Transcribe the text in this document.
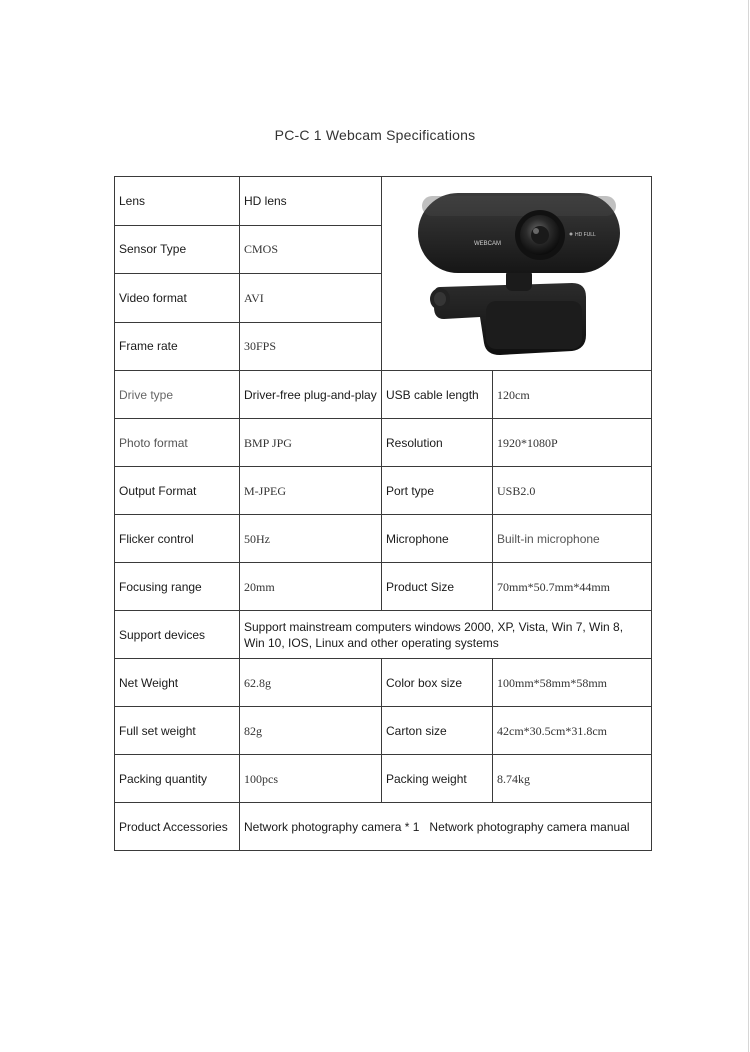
PC-C 1 Webcam Specifications
Lens	HD lens	WEBCAM
HD FULL	

Sensor Type	CMOS		
Video format	AVI		
Frame rate	30FPS		
Drive type	Driver-free plug-and-play	USB cable length	120cm
Photo format	BMP JPG	Resolution	1920*1080P
Output Format	M-JPEG	Port type	USB2.0
Flicker control	50Hz	Microphone	Built-in microphone
Focusing range	20mm	Product Size	70mm*50.7mm*44mm
Support devices	Support mainstream computers windows 2000, XP, Vista, Win 7, Win 8, Win 10, IOS, Linux and other operating systems		
Net Weight	62.8g	Color box size	100mm*58mm*58mm
Full set weight	82g	Carton size	42cm*30.5cm*31.8cm
Packing quantity	100pcs	Packing weight	8.74kg
Product Accessories	Network photography camera * 1   Network photography camera manual		
